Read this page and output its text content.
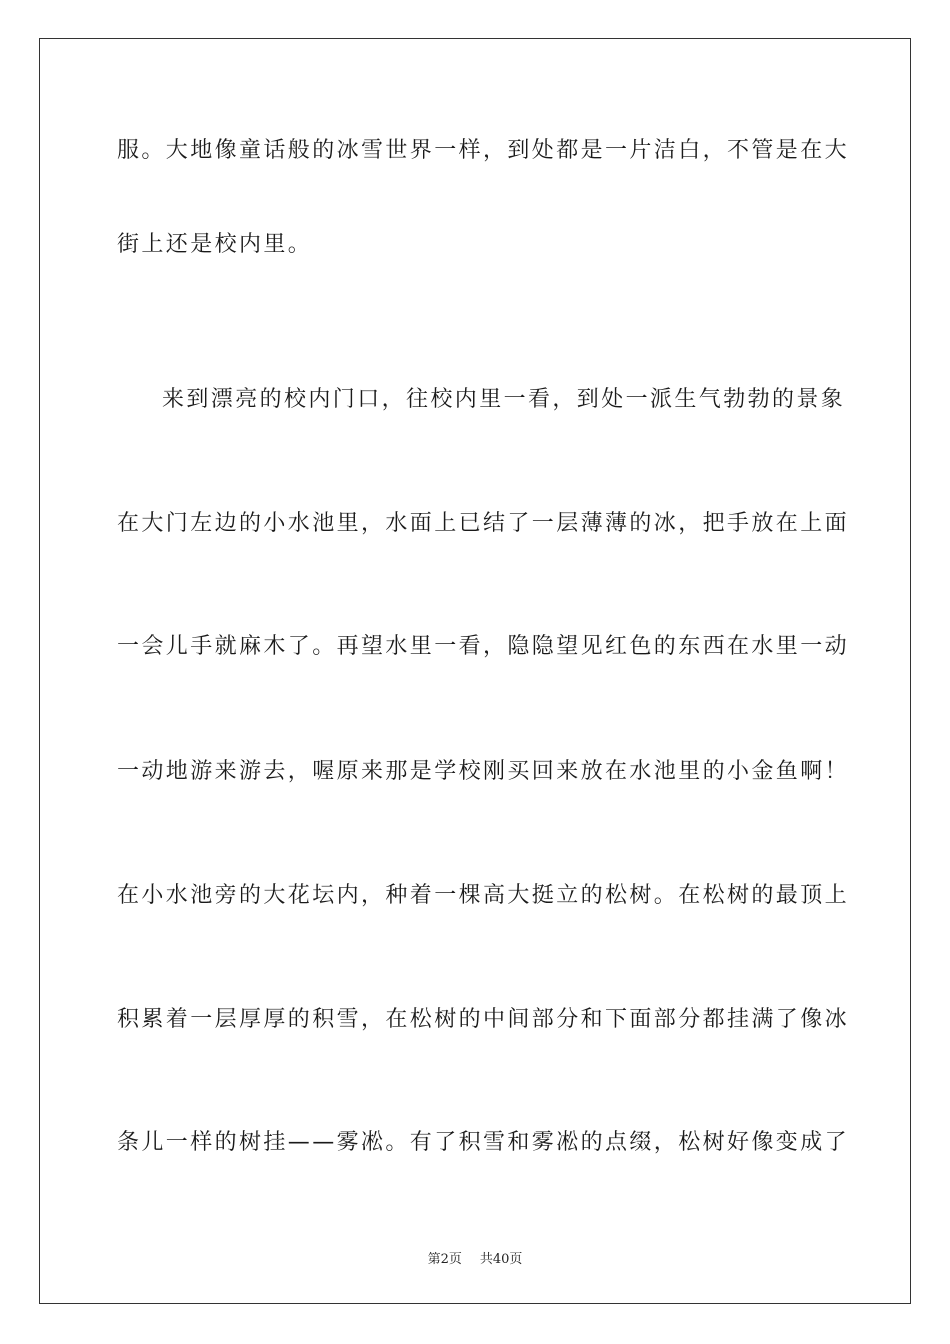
服。大地像童话般的冰雪世界一样，到处都是一片洁白，不管是在大
街上还是校内里。
来到漂亮的校内门口，往校内里一看，到处一派生气勃勃的景象
在大门左边的小水池里，水面上已结了一层薄薄的冰，把手放在上面
一会儿手就麻木了。再望水里一看，隐隐望见红色的东西在水里一动
一动地游来游去，喔原来那是学校刚买回来放在水池里的小金鱼啊！
在小水池旁的大花坛内，种着一棵高大挺立的松树。在松树的最顶上
积累着一层厚厚的积雪，在松树的中间部分和下面部分都挂满了像冰
条儿一样的树挂——雾凇。有了积雪和雾凇的点缀，松树好像变成了
第2页 共40页
